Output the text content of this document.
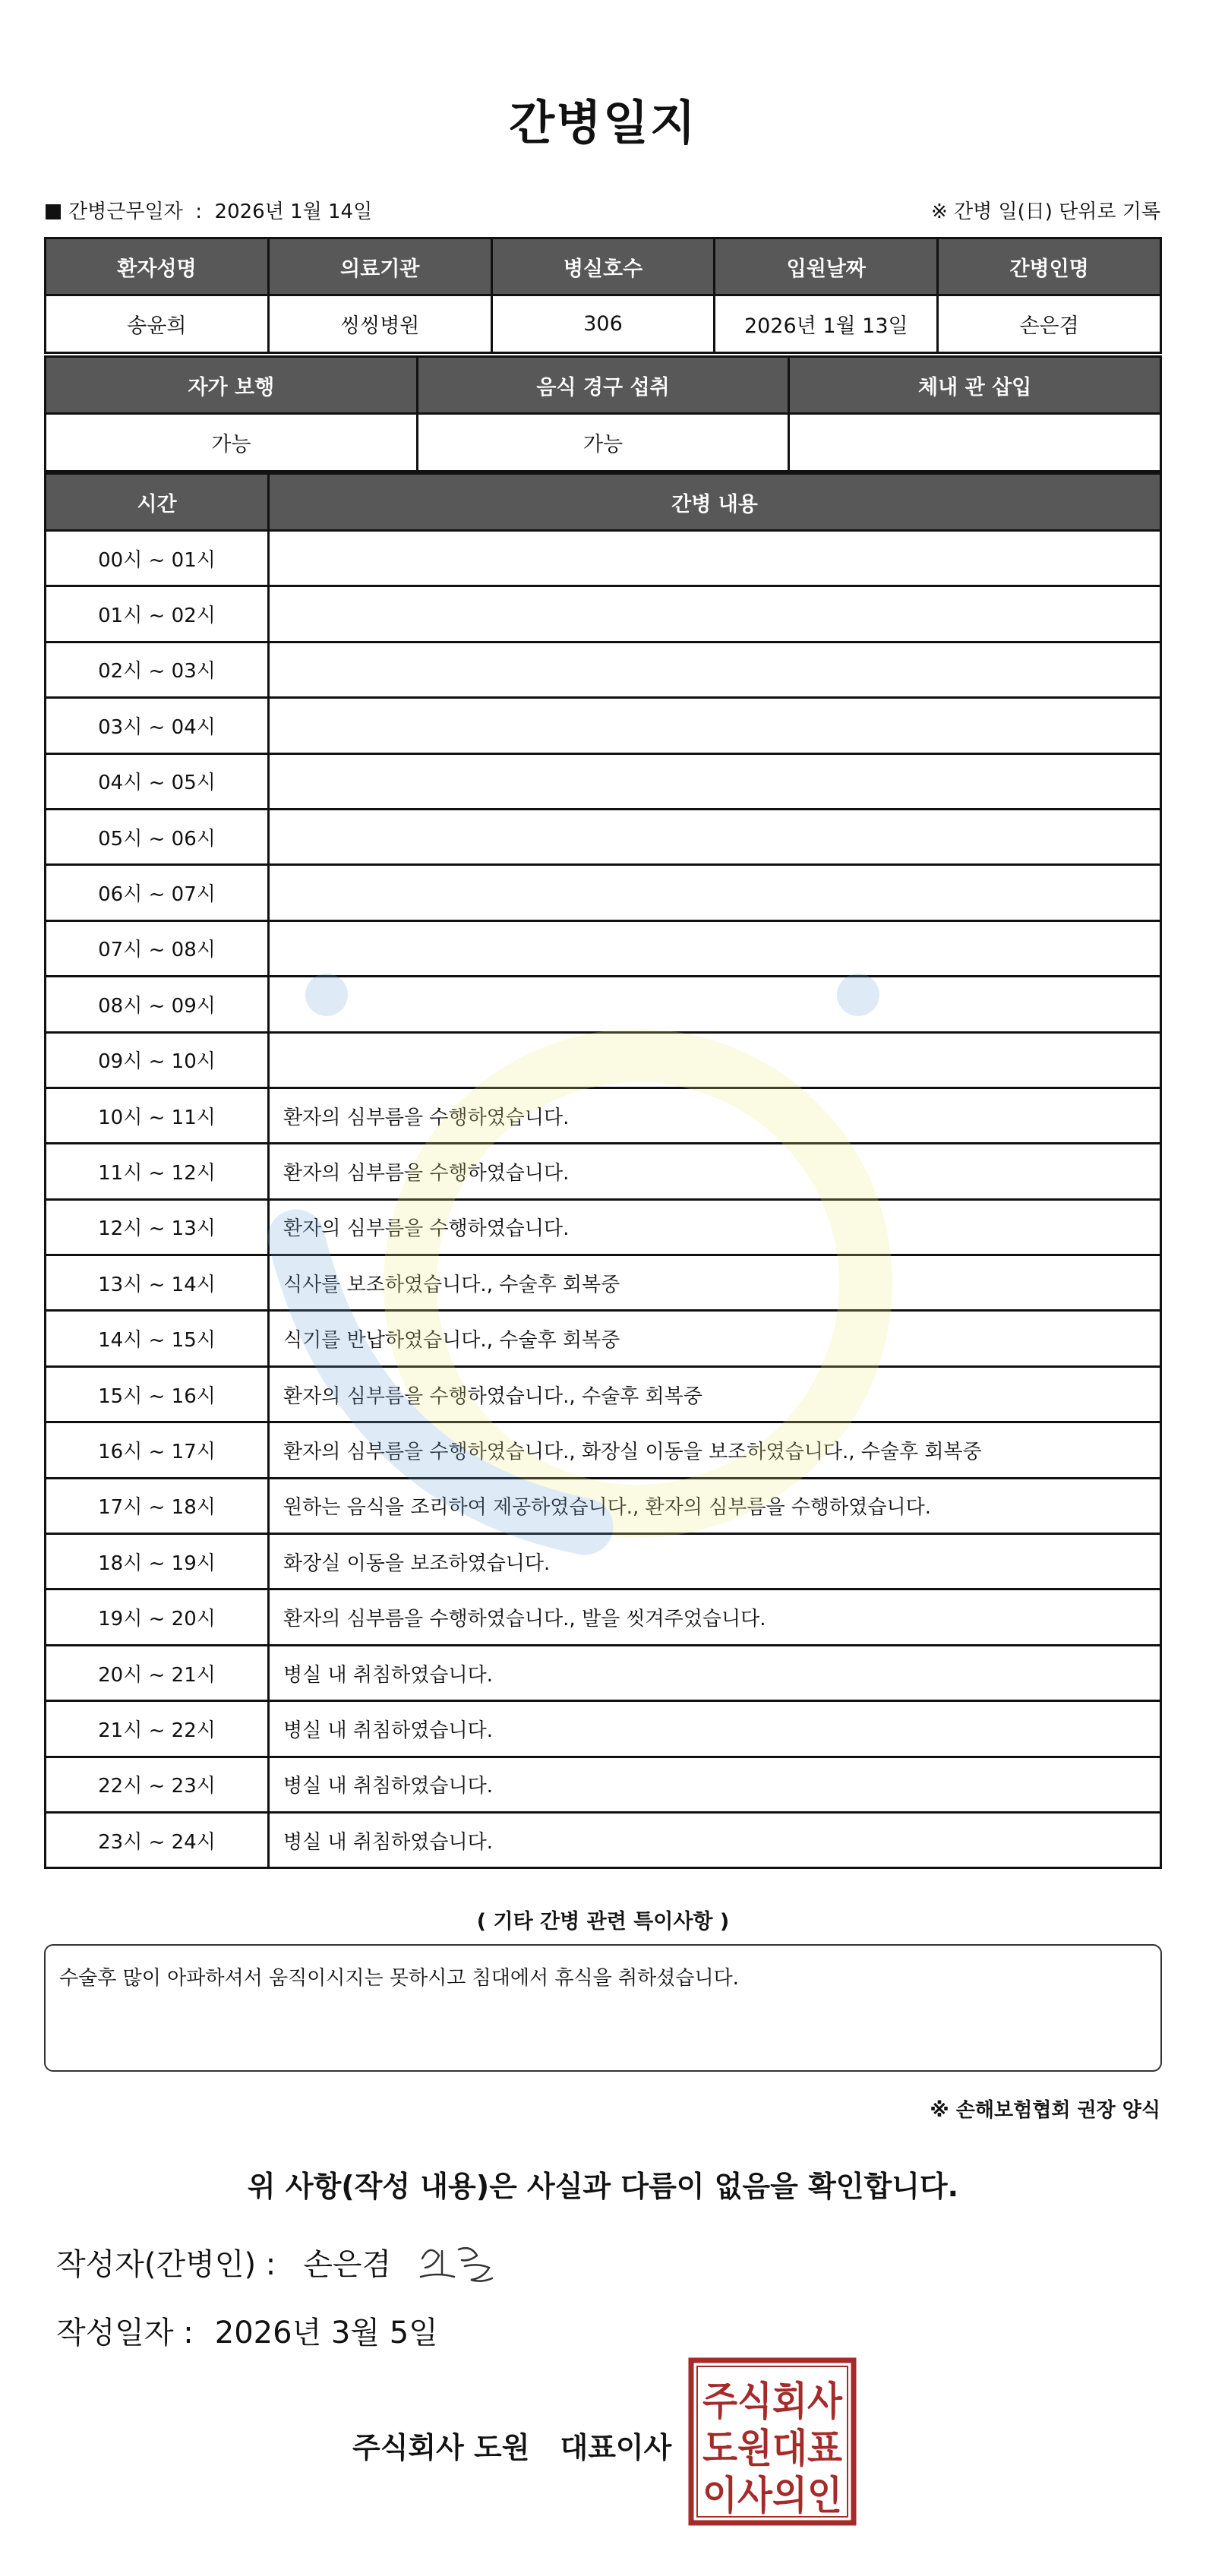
간병일지
간병근무일자  :  2026년 1월 14일	※ 간병 일(日) 단위로 기록
환자성명	의료기관	병실호수	입원날짜	간병인명
송윤희	씽씽병원	306	2026년 1월 13일	손은겸
자가 보행	음식 경구 섭취	체내 관 삽입
가능	가능	
시간	간병 내용
00시 ~ 01시	
01시 ~ 02시	
02시 ~ 03시	
03시 ~ 04시	
04시 ~ 05시	
05시 ~ 06시	
06시 ~ 07시	
07시 ~ 08시	
08시 ~ 09시	
09시 ~ 10시	
10시 ~ 11시	환자의 심부름을 수행하였습니다.
11시 ~ 12시	환자의 심부름을 수행하였습니다.
12시 ~ 13시	환자의 심부름을 수행하였습니다.
13시 ~ 14시	식사를 보조하였습니다., 수술후 회복중
14시 ~ 15시	식기를 반납하였습니다., 수술후 회복중
15시 ~ 16시	환자의 심부름을 수행하였습니다., 수술후 회복중
16시 ~ 17시	환자의 심부름을 수행하였습니다., 화장실 이동을 보조하였습니다., 수술후 회복중
17시 ~ 18시	원하는 음식을 조리하여 제공하였습니다., 환자의 심부름을 수행하였습니다.
18시 ~ 19시	화장실 이동을 보조하였습니다.
19시 ~ 20시	환자의 심부름을 수행하였습니다., 발을 씻겨주었습니다.
20시 ~ 21시	병실 내 취침하였습니다.
21시 ~ 22시	병실 내 취침하였습니다.
22시 ~ 23시	병실 내 취침하였습니다.
23시 ~ 24시	병실 내 취침하였습니다.
( 기타 간병 관련 특이사항 )
수술후 많이 아파하셔서 움직이시지는 못하시고 침대에서 휴식을 취하셨습니다.
※ 손해보험협회 권장 양식
위 사항(작성 내용)은 사실과 다름이 없음을 확인합니다.
작성자(간병인) : 손은겸
작성일자 : 2026년 3월 5일
주식회사 도원 대표이사
주식회사
도원대표
이사의인
